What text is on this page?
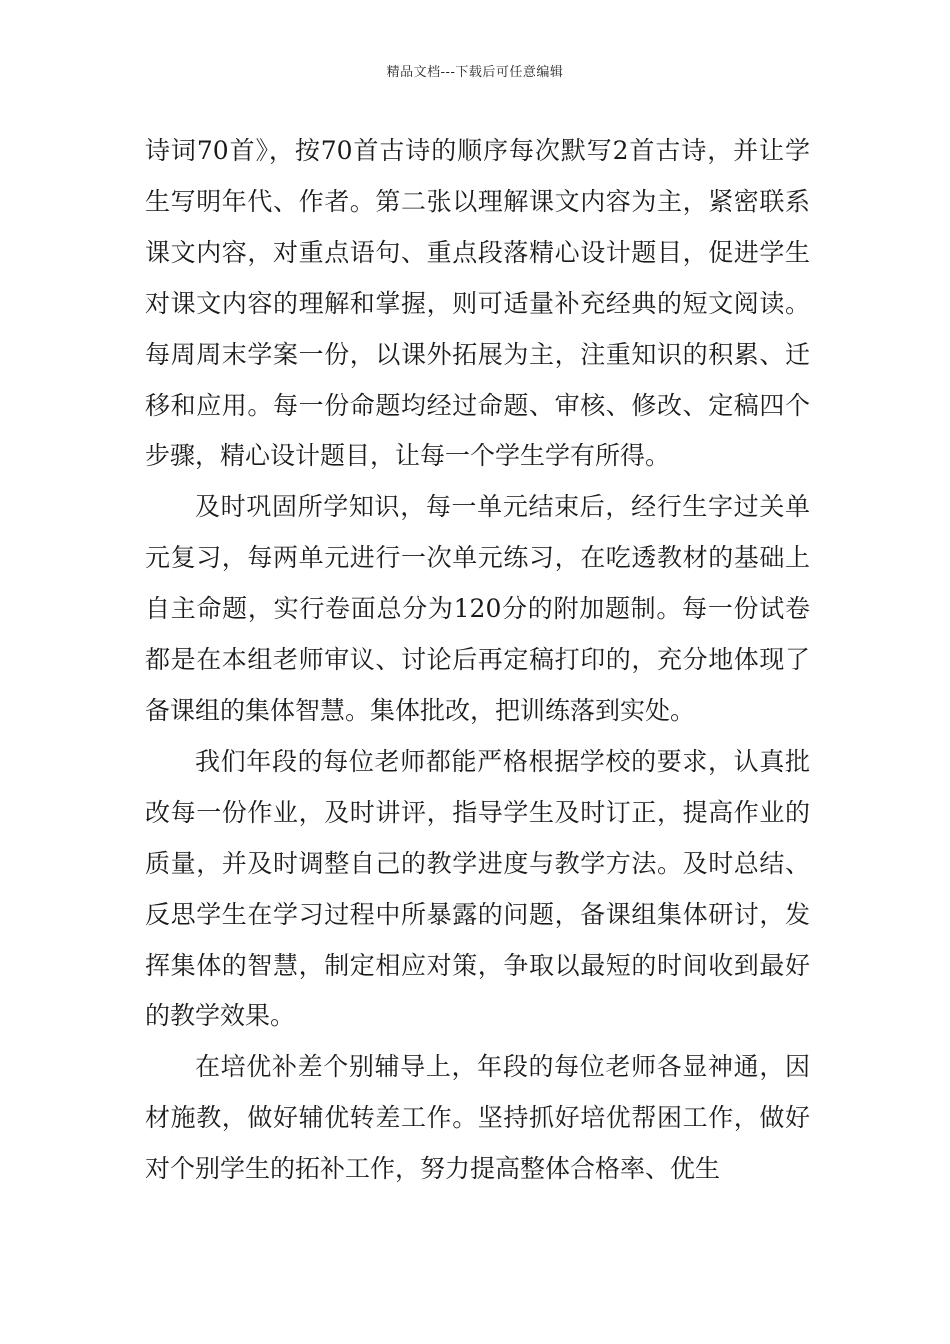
精品文档---下载后可任意编辑

诗词70首》，按70首古诗的顺序每次默写2首古诗，并让学生写明年代、作者。第二张以理解课文内容为主，紧密联系课文内容，对重点语句、重点段落精心设计题目，促进学生对课文内容的理解和掌握，则可适量补充经典的短文阅读。每周周末学案一份，以课外拓展为主，注重知识的积累、迁移和应用。每一份命题均经过命题、审核、修改、定稿四个步骤，精心设计题目，让每一个学生学有所得。

及时巩固所学知识，每一单元结束后，经行生字过关单元复习，每两单元进行一次单元练习，在吃透教材的基础上自主命题，实行卷面总分为120分的附加题制。每一份试卷都是在本组老师审议、讨论后再定稿打印的，充分地体现了备课组的集体智慧。集体批改，把训练落到实处。

我们年段的每位老师都能严格根据学校的要求，认真批改每一份作业，及时讲评，指导学生及时订正，提高作业的质量，并及时调整自己的教学进度与教学方法。及时总结、反思学生在学习过程中所暴露的问题，备课组集体研讨，发挥集体的智慧，制定相应对策，争取以最短的时间收到最好的教学效果。

在培优补差个别辅导上，年段的每位老师各显神通，因材施教，做好辅优转差工作。坚持抓好培优帮困工作，做好对个别学生的拓补工作，努力提高整体合格率、优生
